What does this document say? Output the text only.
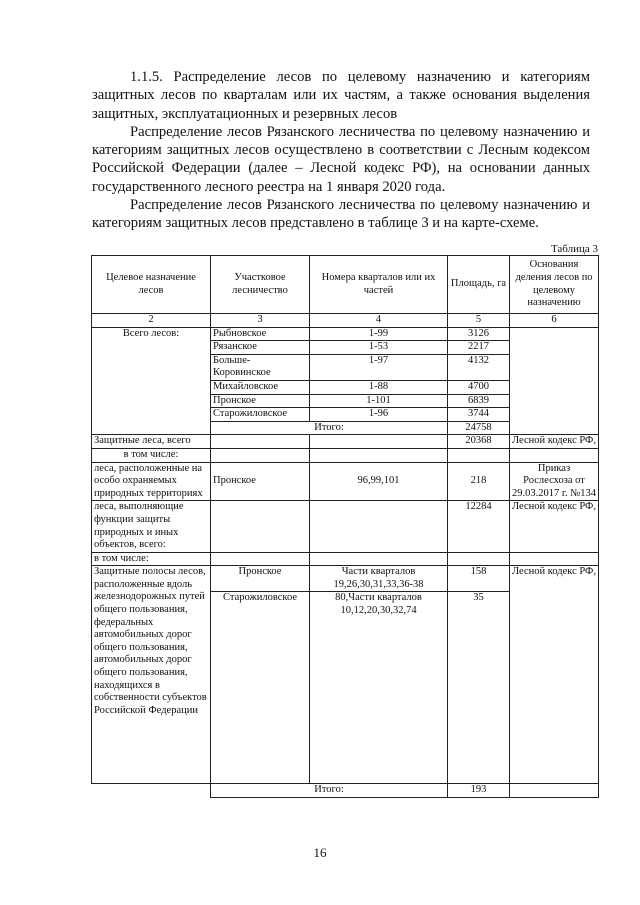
1.1.5. Распределение лесов по целевому назначению и категориям защитных лесов по кварталам или их частям, а также основания выделения защитных, эксплуатационных и резервных лесов

Распределение лесов Рязанского лесничества по целевому назначению и категориям защитных лесов осуществлено в соответствии с Лесным кодексом Российской Федерации (далее – Лесной кодекс РФ), на основании данных государственного лесного реестра на 1 января 2020 года.

Распределение лесов Рязанского лесничества по целевому назначению и категориям защитных лесов представлено в таблице 3 и на карте-схеме.

Таблица 3
Целевое назначение лесов	Участковое лесничество	Номера кварталов или их частей	Площадь, га	Основания деления лесов по целевому назначению
2	3	4	5	6
Всего лесов:	Рыбновское	1-99	3126	
	Рязанское	1-53	2217	
	Больше-Коровинское	1-97	4132	
	Михайловское	1-88	4700	
	Пронское	1-101	6839	
	Старожиловское	1-96	3744	
	Итого:		24758	
Защитные леса, всего			20368	Лесной кодекс РФ,
в том числе:				
леса, расположенные на особо охраняемых природных территориях	Пронское	96,99,101	218	Приказ Рослесхоза от 29.03.2017 г. №134
леса, выполняющие функции защиты природных и иных объектов, всего:			12284	Лесной кодекс РФ,
в том числе:				
Защитные полосы лесов, расположенные вдоль железнодорожных путей общего пользования, федеральных автомобильных дорог общего пользования, автомобильных дорог общего пользования, находящихся в собственности субъектов Российской Федерации	Пронское	Части кварталов 19,26,30,31,33,36-38	158	Лесной кодекс РФ,
	Старожиловское	80,Части кварталов 10,12,20,30,32,74	35	
	Итого:		193	
16
